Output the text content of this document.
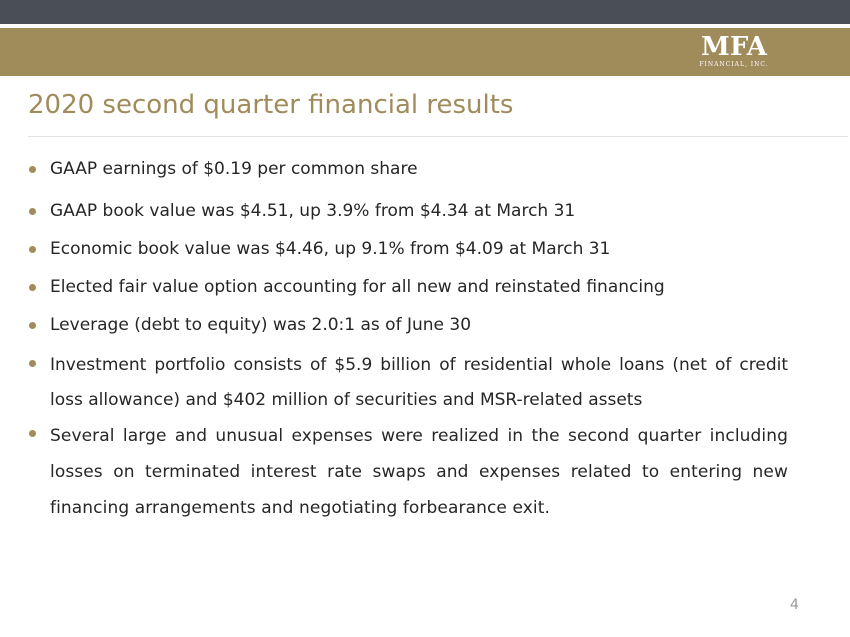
MFA
FINANCIAL, INC.
2020 second quarter financial results
GAAP earnings of $0.19 per common share
GAAP book value was $4.51, up 3.9% from $4.34 at March 31
Economic book value was $4.46, up 9.1% from $4.09 at March 31
Elected fair value option accounting for all new and reinstated financing
Leverage (debt to equity) was 2.0:1 as of June 30
Investment portfolio consists of $5.9 billion of residential whole loans (net of credit loss allowance) and $402 million of securities and MSR-related assets
Several large and unusual expenses were realized in the second quarter including losses on terminated interest rate swaps and expenses related to entering new financing arrangements and negotiating forbearance exit.
4
